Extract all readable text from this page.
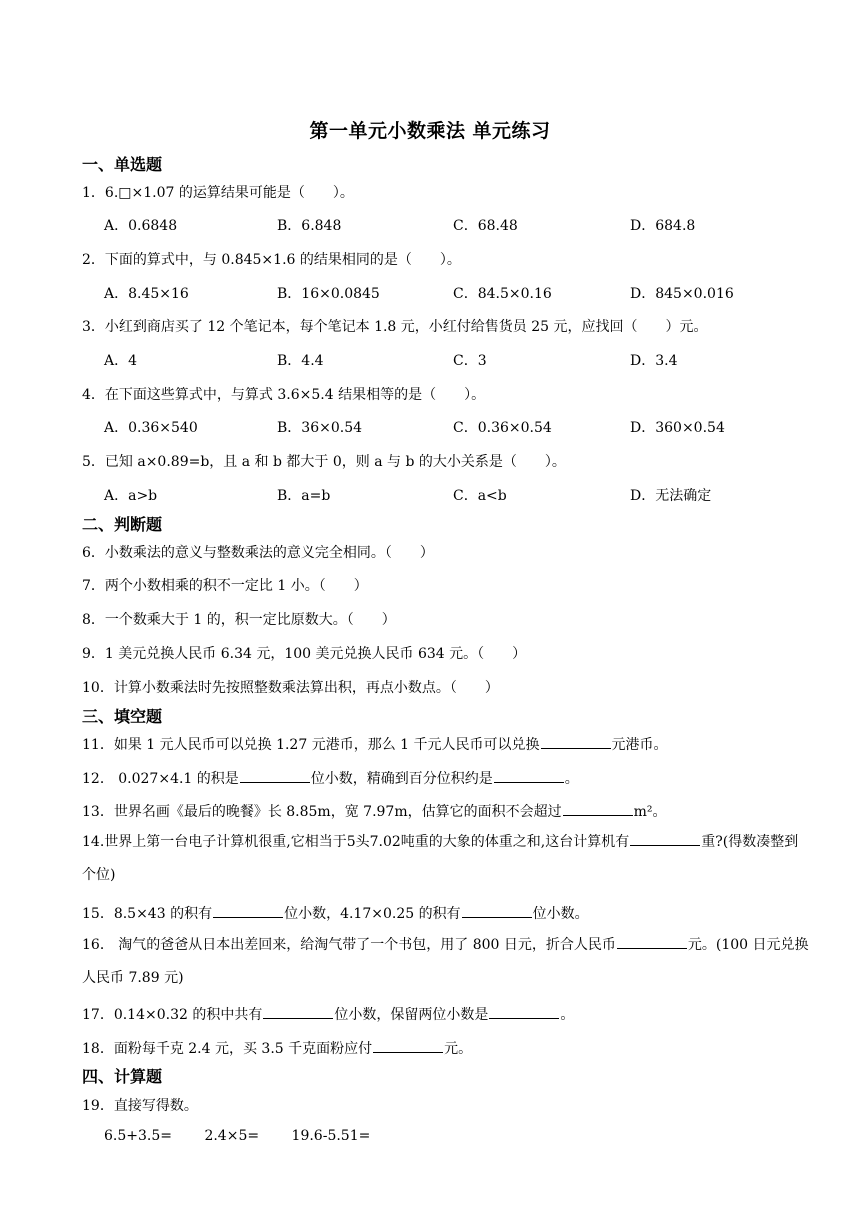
第一单元小数乘法 单元练习
一、单选题
1．6.□×1.07 的运算结果可能是（　　）。
A．0.6848	B．6.848	C．68.48	D．684.8
2．下面的算式中，与 0.845×1.6 的结果相同的是（　　）。
A．8.45×16	B．16×0.0845	C．84.5×0.16	D．845×0.016
3．小红到商店买了 12 个笔记本，每个笔记本 1.8 元，小红付给售货员 25 元，应找回（　　）元。
A．4	B．4.4	C．3	D．3.4
4．在下面这些算式中，与算式 3.6×5.4 结果相等的是（　　）。
A．0.36×540	B．36×0.54	C．0.36×0.54	D．360×0.54
5．已知 a×0.89=b，且 a 和 b 都大于 0，则 a 与 b 的大小关系是（　　）。
A．a>b	B．a=b	C．a<b	D．无法确定
二、判断题
6．小数乘法的意义与整数乘法的意义完全相同。（　　）
7．两个小数相乘的积不一定比 1 小。（　　）
8．一个数乘大于 1 的，积一定比原数大。（　　）
9．1 美元兑换人民币 6.34 元，100 美元兑换人民币 634 元。（　　）
10．计算小数乘法时先按照整数乘法算出积，再点小数点。（　　）
三、填空题
11．如果 1 元人民币可以兑换 1.27 元港币，那么 1 千元人民币可以兑换	元港币。
12． 0.027×4.1 的积是	位小数，精确到百分位积约是	。
13．世界名画《最后的晚餐》长 8.85m，宽 7.97m，估算它的面积不会超过	m²。
14.世界上第一台电子计算机很重,它相当于5头7.02吨重的大象的体重之和,这台计算机有	重?(得数凑整到个位)
15．8.5×43 的积有	位小数，4.17×0.25 的积有	位小数。
16． 淘气的爸爸从日本出差回来，给淘气带了一个书包，用了 800 日元，折合人民币	元。(100 日元兑换人民币 7.89 元)
17．0.14×0.32 的积中共有	位小数，保留两位小数是	。
18．面粉每千克 2.4 元，买 3.5 千克面粉应付	元。
四、计算题
19．直接写得数。
6.5+3.5= 2.4×5= 19.6-5.51=
